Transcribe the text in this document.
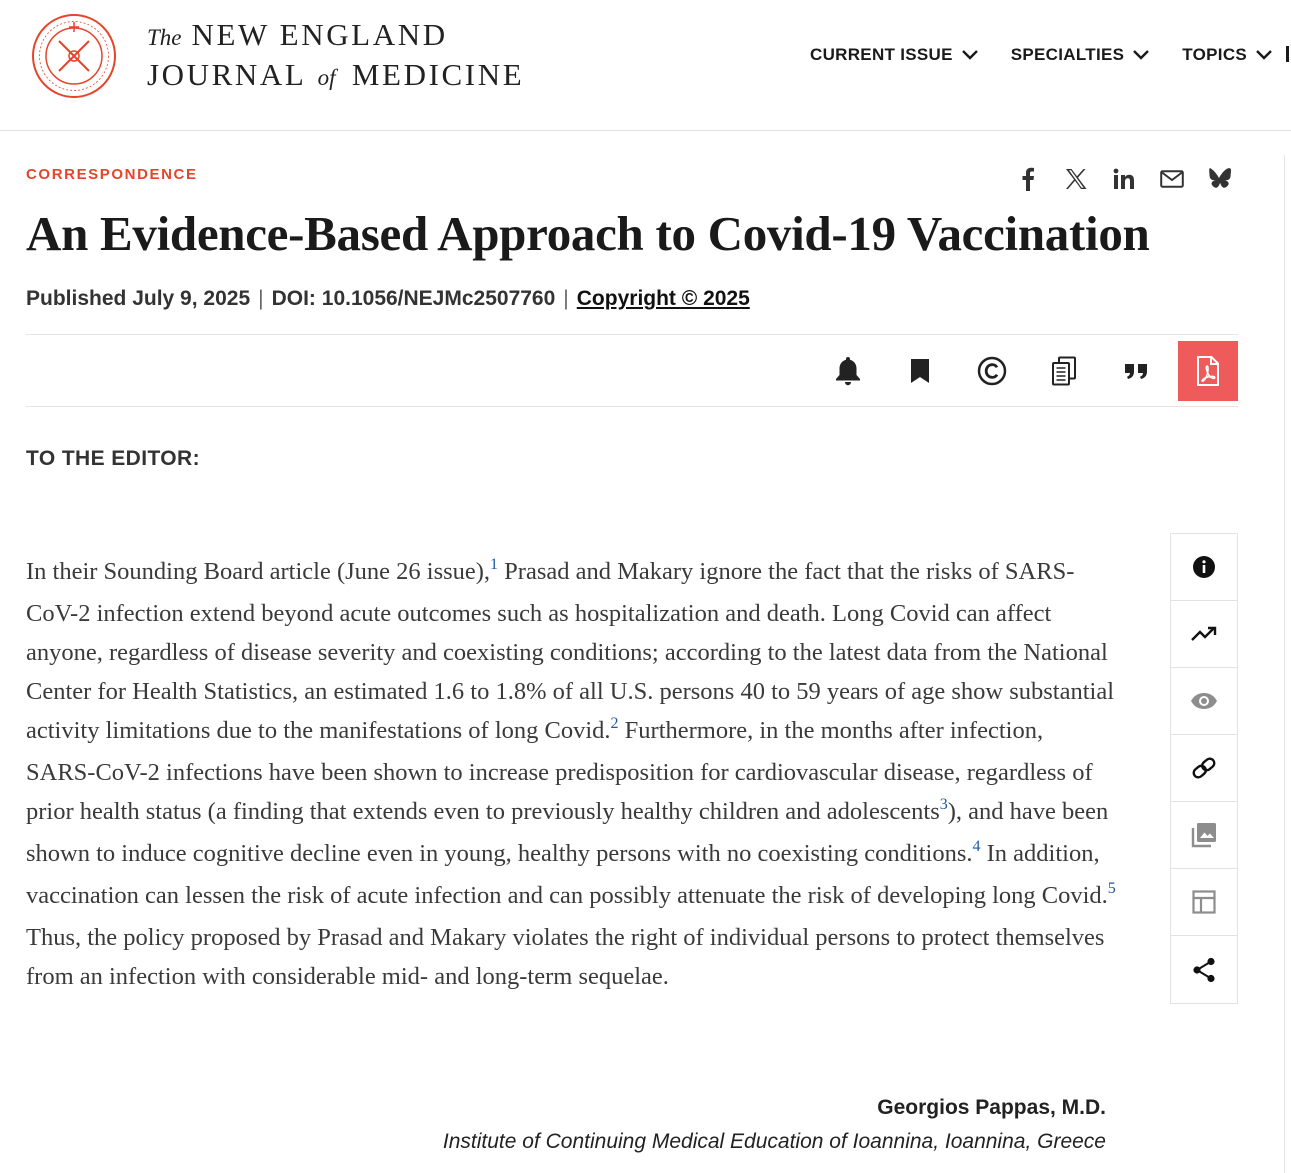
The NEW ENGLAND
JOURNAL of MEDICINE
CURRENT ISSUE	SPECIALTIES	TOPICS
CORRESPONDENCE
An Evidence-Based Approach to Covid-19 Vaccination
Published July 9, 2025 | DOI: 10.1056/NEJMc2507760 | Copyright © 2025
TO THE EDITOR:

In their Sounding Board article (June 26 issue),$^1$ Prasad and Makary ignore the fact that the risks of SARS-CoV-2 infection extend beyond acute outcomes such as hospitalization and death. Long Covid can affect anyone, regardless of disease severity and coexisting conditions; according to the latest data from the National Center for Health Statistics, an estimated 1.6 to 1.8% of all U.S. persons 40 to 59 years of age show substantial activity limitations due to the manifestations of long Covid.$^2$ Furthermore, in the months after infection, SARS-CoV-2 infections have been shown to increase predisposition for cardiovascular disease, regardless of prior health status (a finding that extends even to previously healthy children and adolescents$^3$), and have been shown to induce cognitive decline even in young, healthy persons with no coexisting conditions.$^4$ In addition, vaccination can lessen the risk of acute infection and can possibly attenuate the risk of developing long Covid.$^5$ Thus, the policy proposed by Prasad and Makary violates the right of individual persons to protect themselves from an infection with considerable mid- and long-term sequelae.

Georgios Pappas, M.D.
Institute of Continuing Medical Education of Ioannina, Ioannina, Greece
